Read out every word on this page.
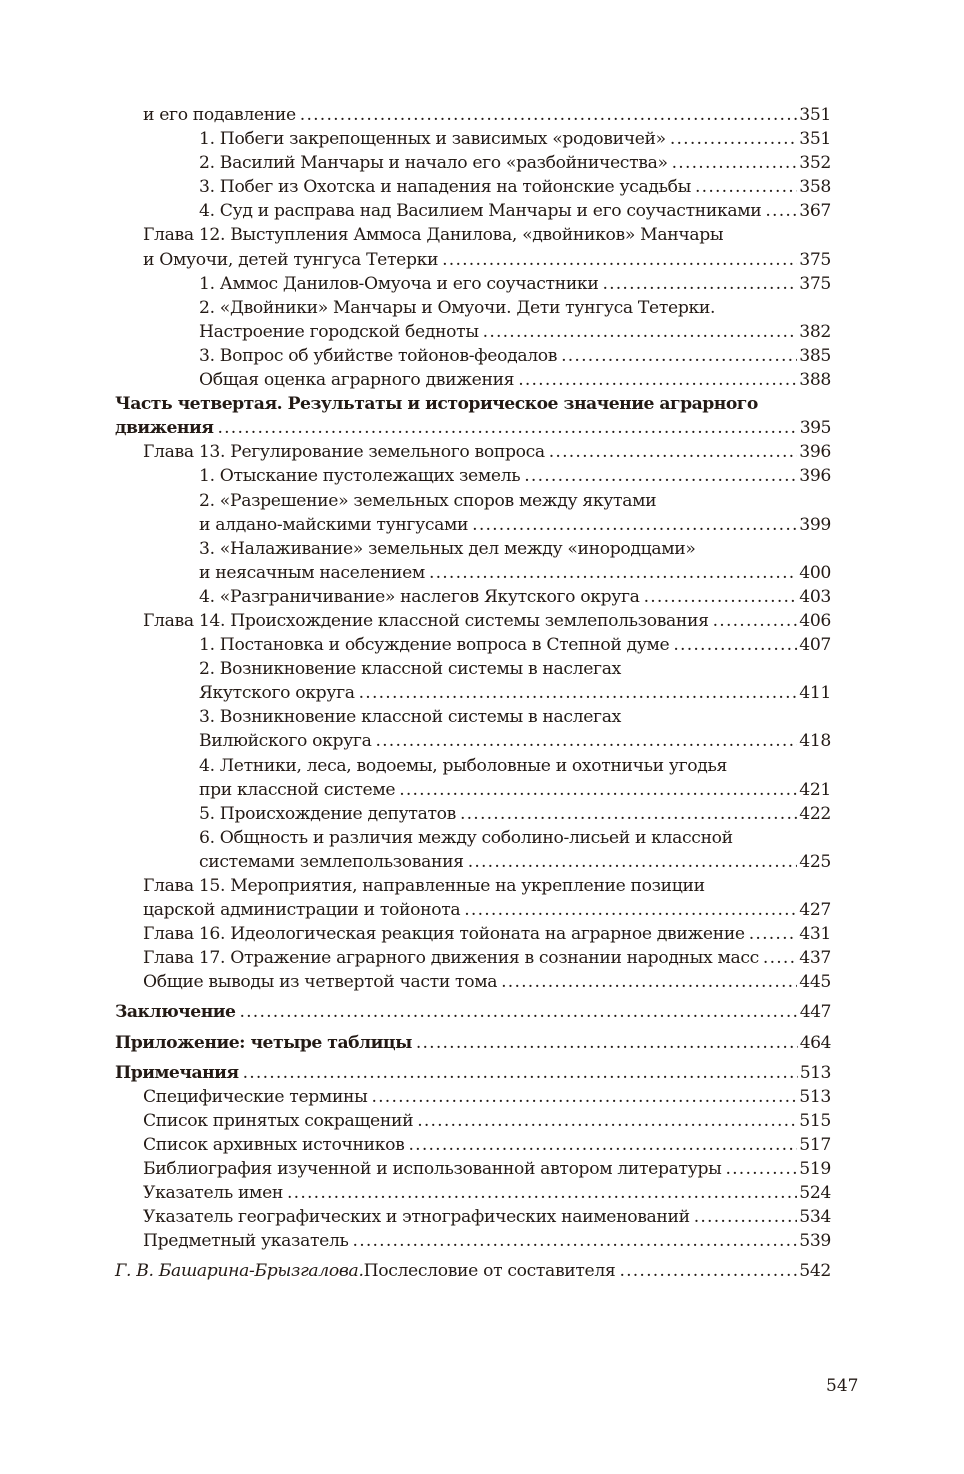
и его подавление .....	351
1. Побеги закрепощенных и зависимых «родовичей» .....	351
2. Василий Манчары и начало его «разбойничества» .....	352
3. Побег из Охотска и нападения на тойонские усадьбы .....	358
4. Суд и расправа над Василием Манчары и его соучастниками ..... 367
Глава 12. Выступления Аммоса Данилова, «двойников» Манчары
и Омуочи, детей тунгуса Тетерки .....	375
1. Аммос Данилов-Омуоча и его соучастники .....	375
2. «Двойники» Манчары и Омуочи. Дети тунгуса Тетерки.
Настроение городской бедноты .....	382
3. Вопрос об убийстве тойонов-феодалов .....	385
Общая оценка аграрного движения .....	388
Часть четвертая. Результаты и историческое значение аграрного
движения .....	395
Глава 13. Регулирование земельного вопроса .....	396
1. Отыскание пустолежащих земель .....	396
2. «Разрешение» земельных споров между якутами
и алдано-майскими тунгусами .....	399
3. «Налаживание» земельных дел между «инородцами»
и неясачным населением .....	400
4. «Разграничивание» наслегов Якутского округа .....	403
Глава 14. Происхождение классной системы землепользования .....	406
1. Постановка и обсуждение вопроса в Степной думе .....	407
2. Возникновение классной системы в наслегах
Якутского округа .....	411
3. Возникновение классной системы в наслегах
Вилюйского округа .....	418
4. Летники, леса, водоемы, рыболовные и охотничьи угодья
при классной системе .....	421
5. Происхождение депутатов .....	422
6. Общность и различия между соболино-лисьей и классной
системами землепользования .....	425
Глава 15. Мероприятия, направленные на укрепление позиции
царской администрации и тойонота .....	427
Глава 16. Идеологическая реакция тойоната на аграрное движение .....	431
Глава 17. Отражение аграрного движения в сознании народных масс ..... 437
Общие выводы из четвертой части тома .....	445
Заключение .....	447
Приложение: четыре таблицы .....	464
Примечания .....	513
Специфические термины .....	513
Список принятых сокращений .....	515
Список архивных источников .....	517
Библиография изученной и использованной автором литературы .....	519
Указатель имен .....	524
Указатель географических и этнографических наименований .....	534
Предметный указатель .....	539
Г. В. Башарина-Брызгалова. Послесловие от составителя .....	542
547
